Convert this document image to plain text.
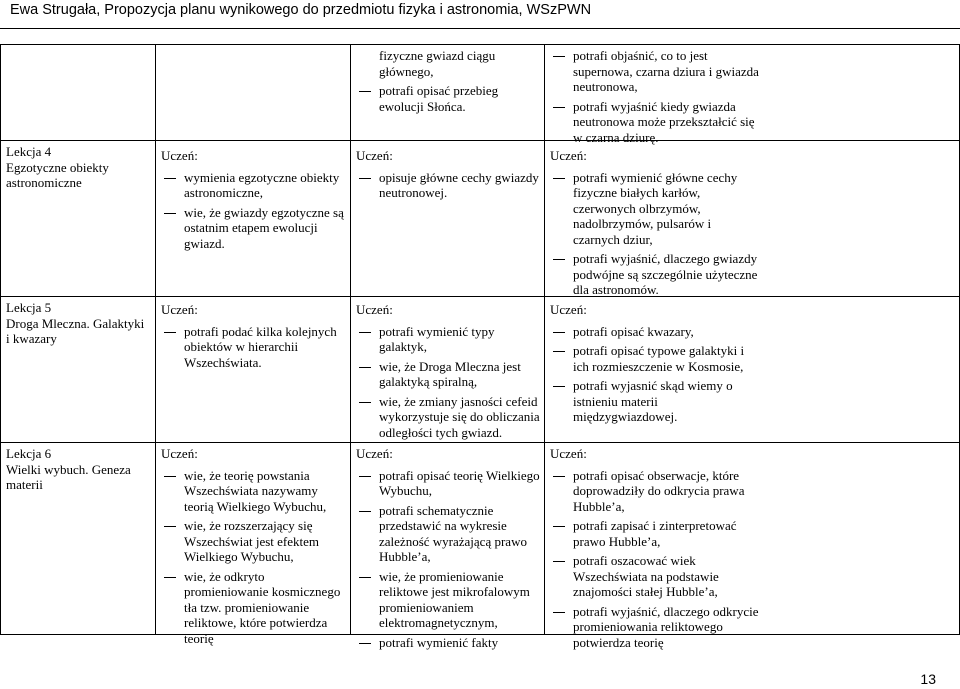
Ewa Strugała, Propozycja planu wynikowego do przedmiotu fizyka i astronomia, WSzPWN
fizyczne gwiazd ciągu głównego,
potrafi opisać przebieg ewolucji Słońca.
potrafi objaśnić, co to jest supernowa, czarna dziura i gwiazda neutronowa,
potrafi wyjaśnić kiedy gwiazda neutronowa może przekształcić się w czarna dziurę.
Lekcja 4
Egzotyczne obiekty astronomiczne
Uczeń:
wymienia egzotyczne obiekty astronomiczne,
wie, że gwiazdy egzotyczne są ostatnim etapem ewolucji gwiazd.
Uczeń:
opisuje główne cechy gwiazdy neutronowej.
Uczeń:
potrafi wymienić główne cechy fizyczne białych karłów, czerwonych olbrzymów, nadolbrzymów, pulsarów i czarnych dziur,
potrafi wyjaśnić, dlaczego gwiazdy podwójne są szczególnie użyteczne dla astronomów.
Lekcja 5
Droga Mleczna. Galaktyki i kwazary
Uczeń:
potrafi podać kilka kolejnych obiektów w hierarchii Wszechświata.
Uczeń:
potrafi wymienić typy galaktyk,
wie, że Droga Mleczna jest galaktyką spiralną,
wie, że zmiany jasności cefeid wykorzystuje się do obliczania odległości tych gwiazd.
Uczeń:
potrafi opisać kwazary,
potrafi opisać typowe galaktyki i ich rozmieszczenie w Kosmosie,
potrafi wyjasnić skąd wiemy o istnieniu materii międzygwiazdowej.
Lekcja 6
Wielki wybuch. Geneza materii
Uczeń:
wie, że teorię powstania Wszechświata nazywamy teorią Wielkiego Wybuchu,
wie, że rozszerzający się Wszechświat jest efektem Wielkiego Wybuchu,
wie, że odkryto promieniowanie kosmicznego tła tzw. promieniowanie reliktowe, które potwierdza teorię
Uczeń:
potrafi opisać teorię Wielkiego Wybuchu,
potrafi schematycznie przedstawić na wykresie zależność wyrażającą prawo Hubble’a,
wie, że promieniowanie reliktowe jest mikrofalowym promieniowaniem elektromagnetycznym,
potrafi wymienić fakty
Uczeń:
potrafi opisać obserwacje, które doprowadziły do odkrycia prawa Hubble’a,
potrafi zapisać i zinterpretować prawo Hubble’a,
potrafi oszacować wiek Wszechświata na podstawie znajomości stałej Hubble’a,
potrafi wyjaśnić, dlaczego odkrycie promieniowania reliktowego potwierdza teorię
13
